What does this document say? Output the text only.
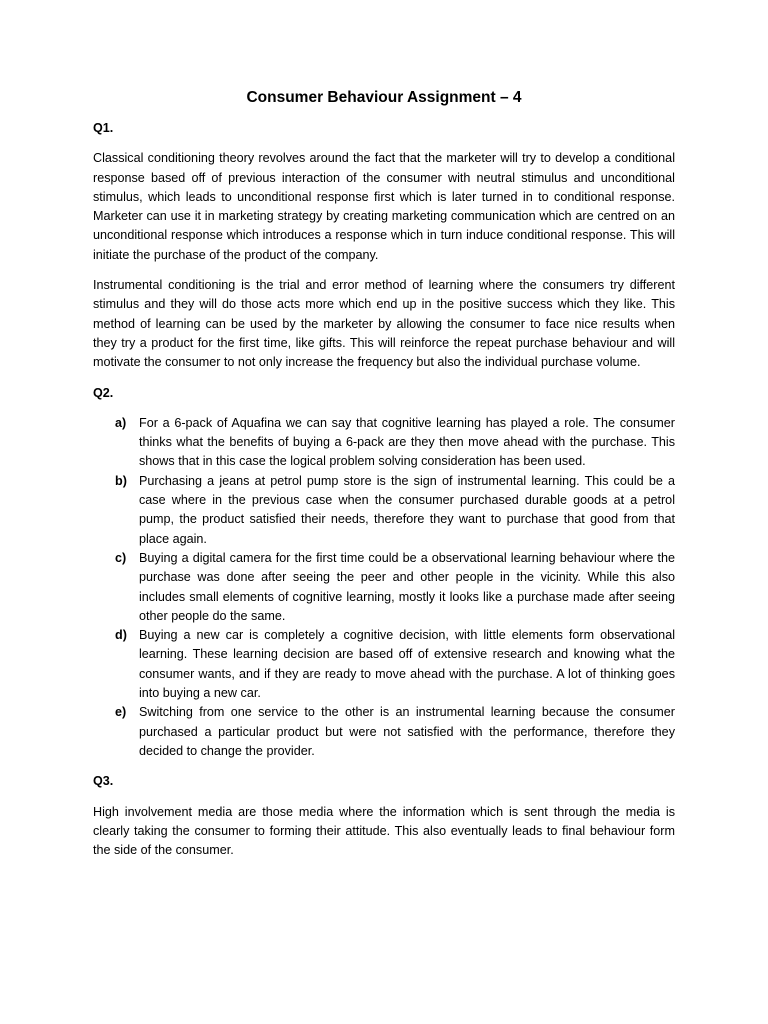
Consumer Behaviour Assignment – 4
Q1.

Classical conditioning theory revolves around the fact that the marketer will try to develop a conditional response based off of previous interaction of the consumer with neutral stimulus and unconditional stimulus, which leads to unconditional response first which is later turned in to conditional response. Marketer can use it in marketing strategy by creating marketing communication which are centred on an unconditional response which introduces a response which in turn induce conditional response. This will initiate the purchase of the product of the company.

Instrumental conditioning is the trial and error method of learning where the consumers try different stimulus and they will do those acts more which end up in the positive success which they like. This method of learning can be used by the marketer by allowing the consumer to face nice results when they try a product for the first time, like gifts. This will reinforce the repeat purchase behaviour and will motivate the consumer to not only increase the frequency but also the individual purchase volume.

Q2.
a) For a 6-pack of Aquafina we can say that cognitive learning has played a role. The consumer thinks what the benefits of buying a 6-pack are they then move ahead with the purchase. This shows that in this case the logical problem solving consideration has been used.
b) Purchasing a jeans at petrol pump store is the sign of instrumental learning. This could be a case where in the previous case when the consumer purchased durable goods at a petrol pump, the product satisfied their needs, therefore they want to purchase that good from that place again.
c) Buying a digital camera for the first time could be a observational learning behaviour where the purchase was done after seeing the peer and other people in the vicinity. While this also includes small elements of cognitive learning, mostly it looks like a purchase made after seeing other people do the same.
d) Buying a new car is completely a cognitive decision, with little elements form observational learning. These learning decision are based off of extensive research and knowing what the consumer wants, and if they are ready to move ahead with the purchase. A lot of thinking goes into buying a new car.
e) Switching from one service to the other is an instrumental learning because the consumer purchased a particular product but were not satisfied with the performance, therefore they decided to change the provider.
Q3.

High involvement media are those media where the information which is sent through the media is clearly taking the consumer to forming their attitude. This also eventually leads to final behaviour form the side of the consumer.
